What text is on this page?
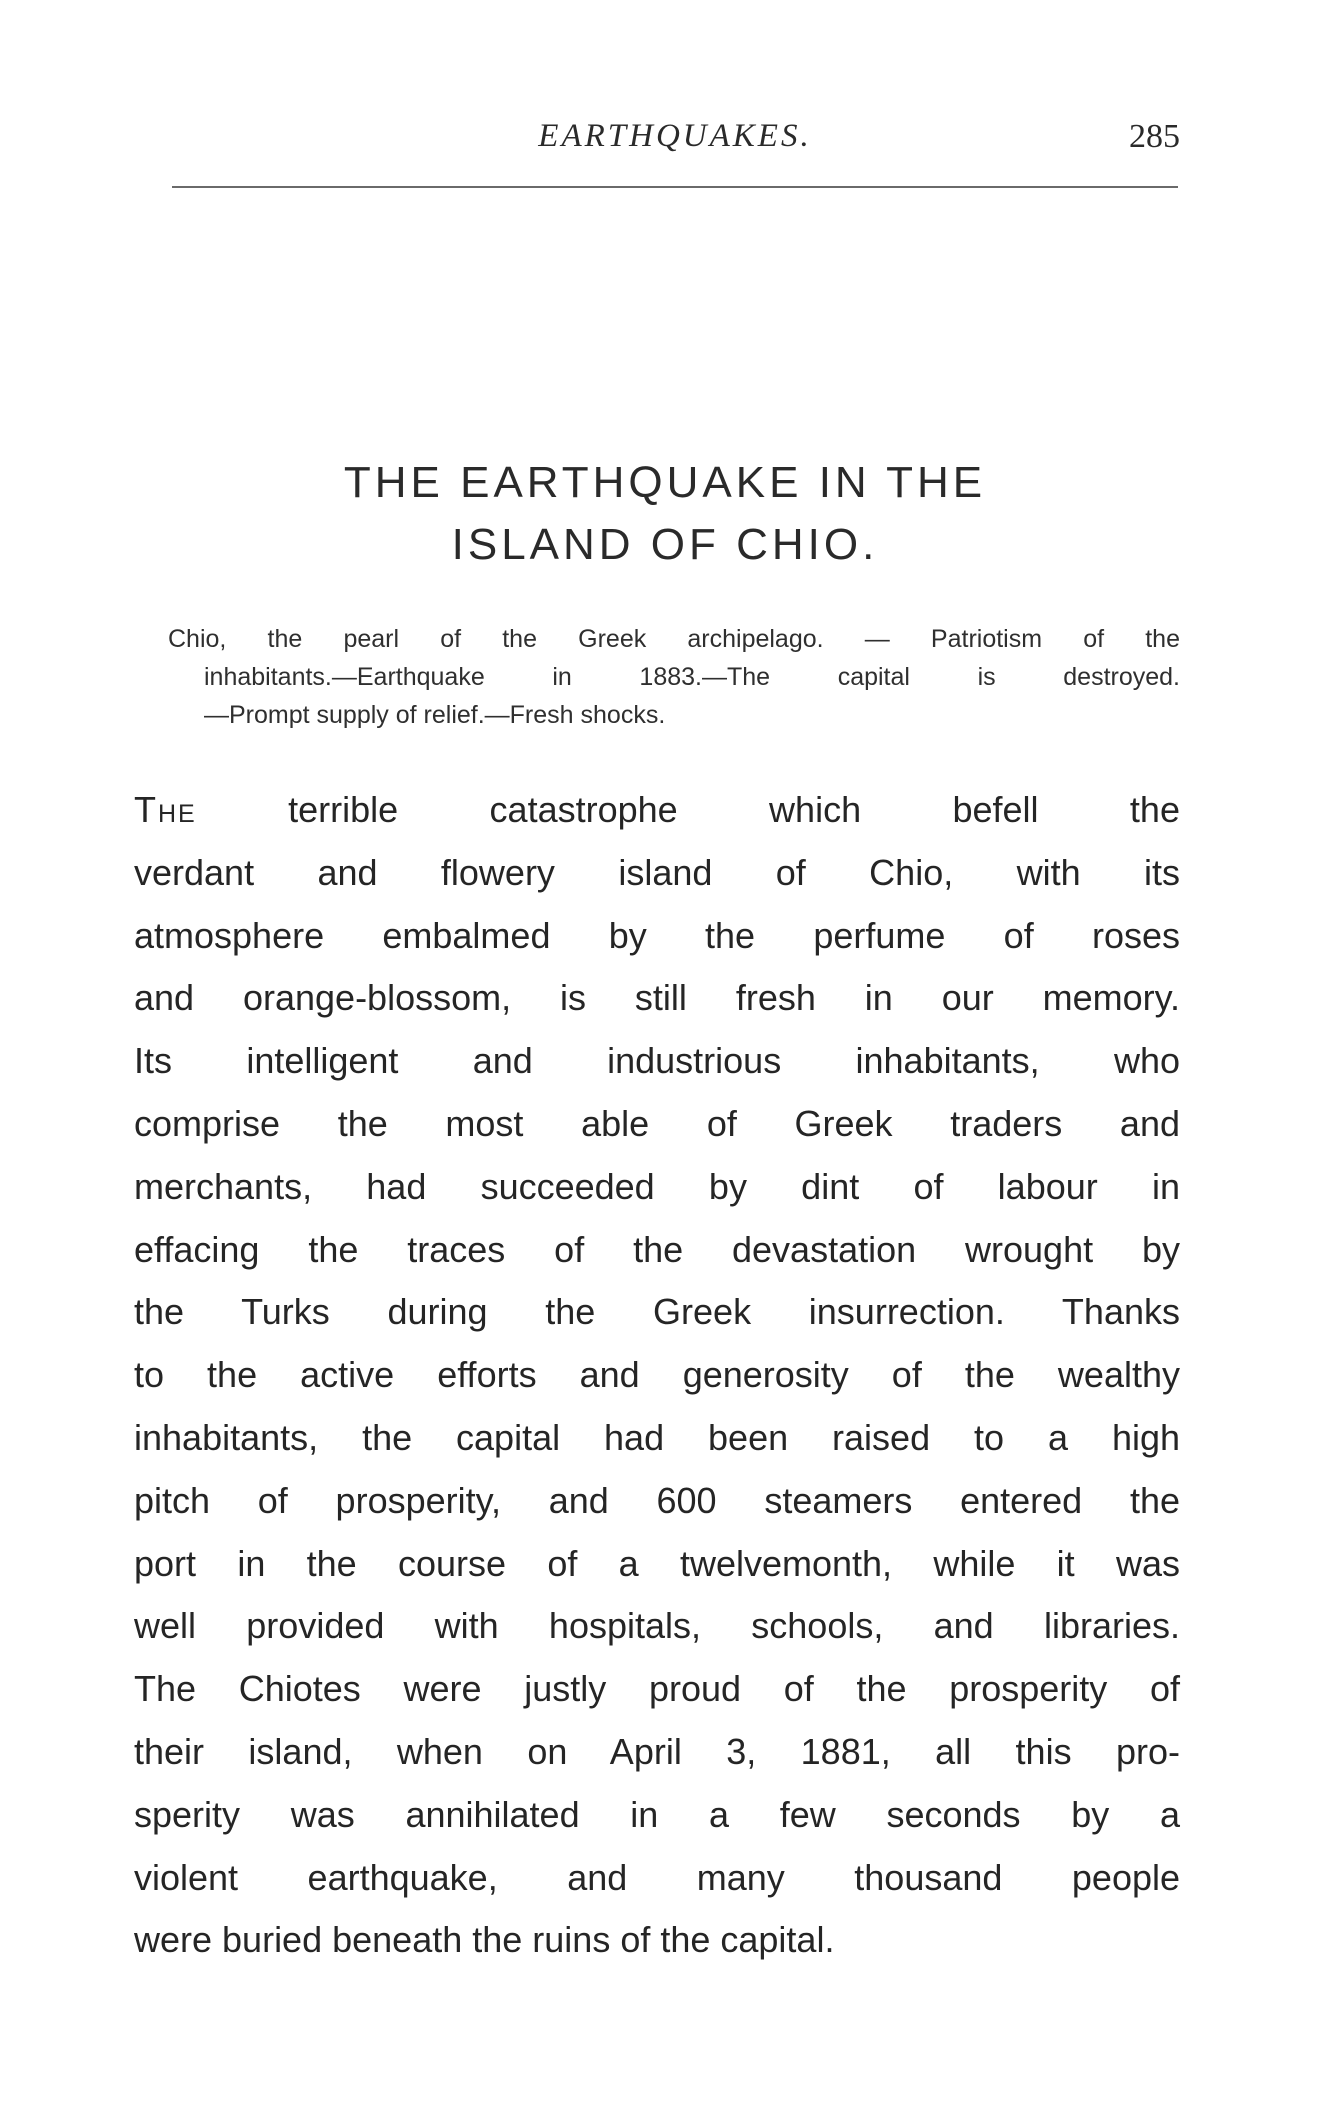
EARTHQUAKES.	285
THE EARTHQUAKE IN THE
ISLAND OF CHIO.
Chio, the pearl of the Greek archipelago. — Patriotism of the
inhabitants.—Earthquake in 1883.—The capital is destroyed.
—Prompt supply of relief.—Fresh shocks.
The	terrible catastrophe which befell the
verdant and flowery island of Chio, with its
atmosphere embalmed by the perfume of roses
and orange-blossom, is still fresh in our memory.
Its intelligent and industrious inhabitants, who
comprise the most able of Greek traders and
merchants, had succeeded by dint of labour in
effacing the traces of the devastation wrought by
the Turks during the Greek insurrection. Thanks
to the active efforts and generosity of the wealthy
inhabitants, the capital had been raised to a high
pitch of prosperity, and 600 steamers entered the
port in the course of a twelvemonth, while it was
well provided with hospitals, schools, and libraries.
The Chiotes were justly proud of the prosperity of
their island, when on April 3, 1881, all this pro-
sperity was annihilated in a few seconds by a
violent earthquake, and many thousand people
were buried beneath the ruins of the capital.
